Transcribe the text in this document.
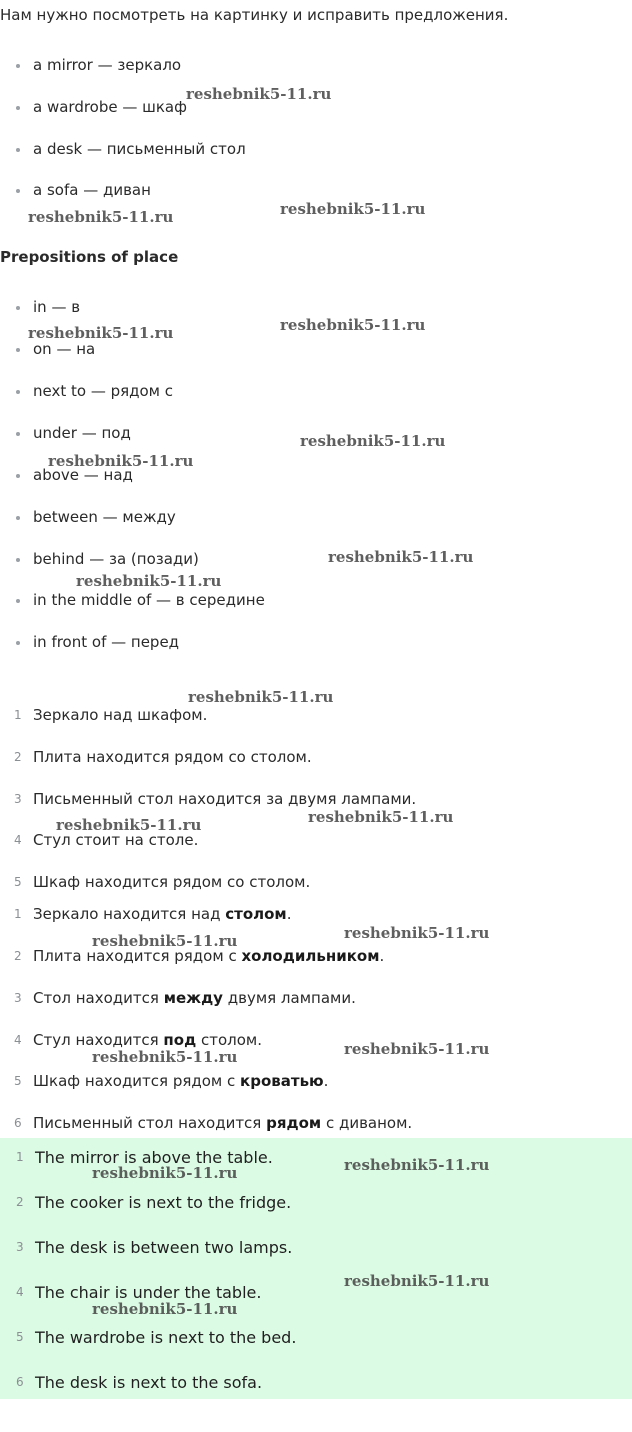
Нам нужно посмотреть на картинку и исправить предложения.
a mirror — зеркало
a wardrobe — шкаф
a desk — письменный стол
a sofa — диван
Prepositions of place
in — в
on — на
next to — рядом с
under — под
above — над
between — между
behind — за (позади)
in the middle of — в середине
in front of — перед
1 Зеркало над шкафом.
2 Плита находится рядом со столом.
3 Письменный стол находится за двумя лампами.
4 Стул стоит на столе.
5 Шкаф находится рядом со столом.
1 Зеркало находится над столом.
2 Плита находится рядом с холодильником.
3 Стол находится между двумя лампами.
4 Стул находится под столом.
5 Шкаф находится рядом с кроватью.
6 Письменный стол находится рядом с диваном.
1 The mirror is above the table.
2 The cooker is next to the fridge.
3 The desk is between two lamps.
4 The chair is under the table.
5 The wardrobe is next to the bed.
6 The desk is next to the sofa.
reshebnik5-11.ru
reshebnik5-11.ru	reshebnik5-11.ru
reshebnik5-11.ru	reshebnik5-11.ru
reshebnik5-11.ru
reshebnik5-11.ru
reshebnik5-11.ru
reshebnik5-11.ru
reshebnik5-11.ru
reshebnik5-11.ru	reshebnik5-11.ru
reshebnik5-11.ru	reshebnik5-11.ru
reshebnik5-11.ru	reshebnik5-11.ru
reshebnik5-11.ru	reshebnik5-11.ru
reshebnik5-11.ru
reshebnik5-11.ru
